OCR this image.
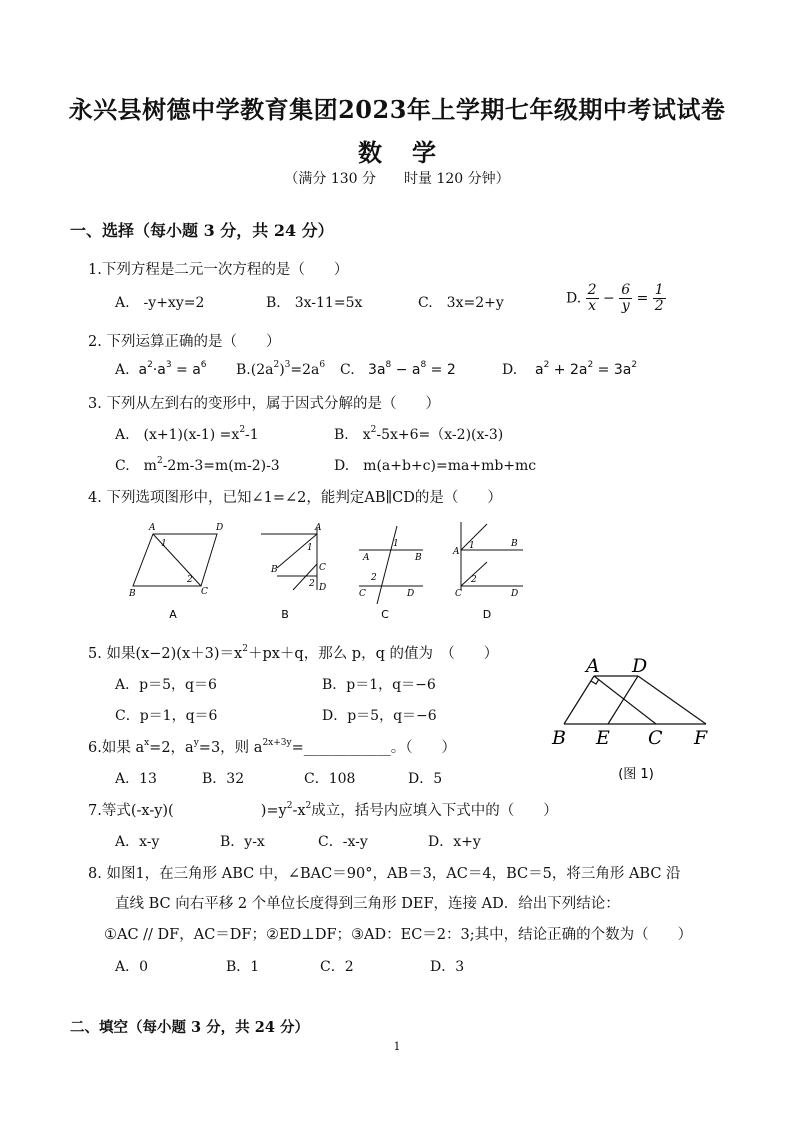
永兴县树德中学教育集团2023年上学期七年级期中考试试卷
数学
（满分 130 分　　时量 120 分钟）
一、选择（每小题 3 分，共 24 分）
1.下列方程是二元一次方程的是（　　）
A.　-y+xy=2	B.　3x-11=5x	C.　3x=2+y	D. $\frac{2}{x} - \frac{6}{y} = \frac{1}{2}$
2. 下列运算正确的是（　　）
A. $a^2\cdot a^3 = a^6$ $B.(2a^2)^3=2a^6$ C. $3a^8 - a^8 = 2$	D. $a^2 + 2a^2 = 3a^2$
3. 下列从左到右的变形中，属于因式分解的是（　　）
A.　$(x+1)(x-1) =x^2-1$	B.　$x^2-5x+6=(x-2)(x-3)$
C.　$m^2-2m-3=m(m-2)-3$	D.　m(a+b+c)=ma+mb+mc
4. 下列选项图形中，已知∠1=∠2，能判定AB∥CD的是（　　）
A	D
B	C
1
2
A
A
B	C
D
1
2
B
A	B
C	D
1
2
C
A
B
C	D
1
2
D
5. 如果$(x-2)(x+3)=x^2+px+q$，那么 p，q 的值为　（　　）
A．p＝5，q＝6	B．p＝1，q＝−6
C．p＝1，q＝6	D．p＝5，q＝−6
A D
B E C F
(图 1)
6.如果 $a^x=2$，$a^y=3$，则 $a^{2x+3y}=\_\_\_\_\_\_\_\_\_\_\_\_$。（　　）
A．13	B．32	C．108	D．5
7.等式(-x-y)(　　　　　　)$=y^2-x^2$成立，括号内应填入下式中的（　　）
A．x-y	B．y-x	C．-x-y	D．x+y
8. 如图1，在三角形 ABC 中，∠BAC＝90°，AB＝3，AC＝4，BC＝5，将三角形 ABC 沿
直线 BC 向右平移 2 个单位长度得到三角形 DEF，连接 AD．给出下列结论：
①AC // DF，AC＝DF；②ED⊥DF；③AD：EC＝2：3;其中，结论正确的个数为（　　）
A．0	B．1	C．2	D．3
二、填空（每小题 3 分，共 24 分）
1
